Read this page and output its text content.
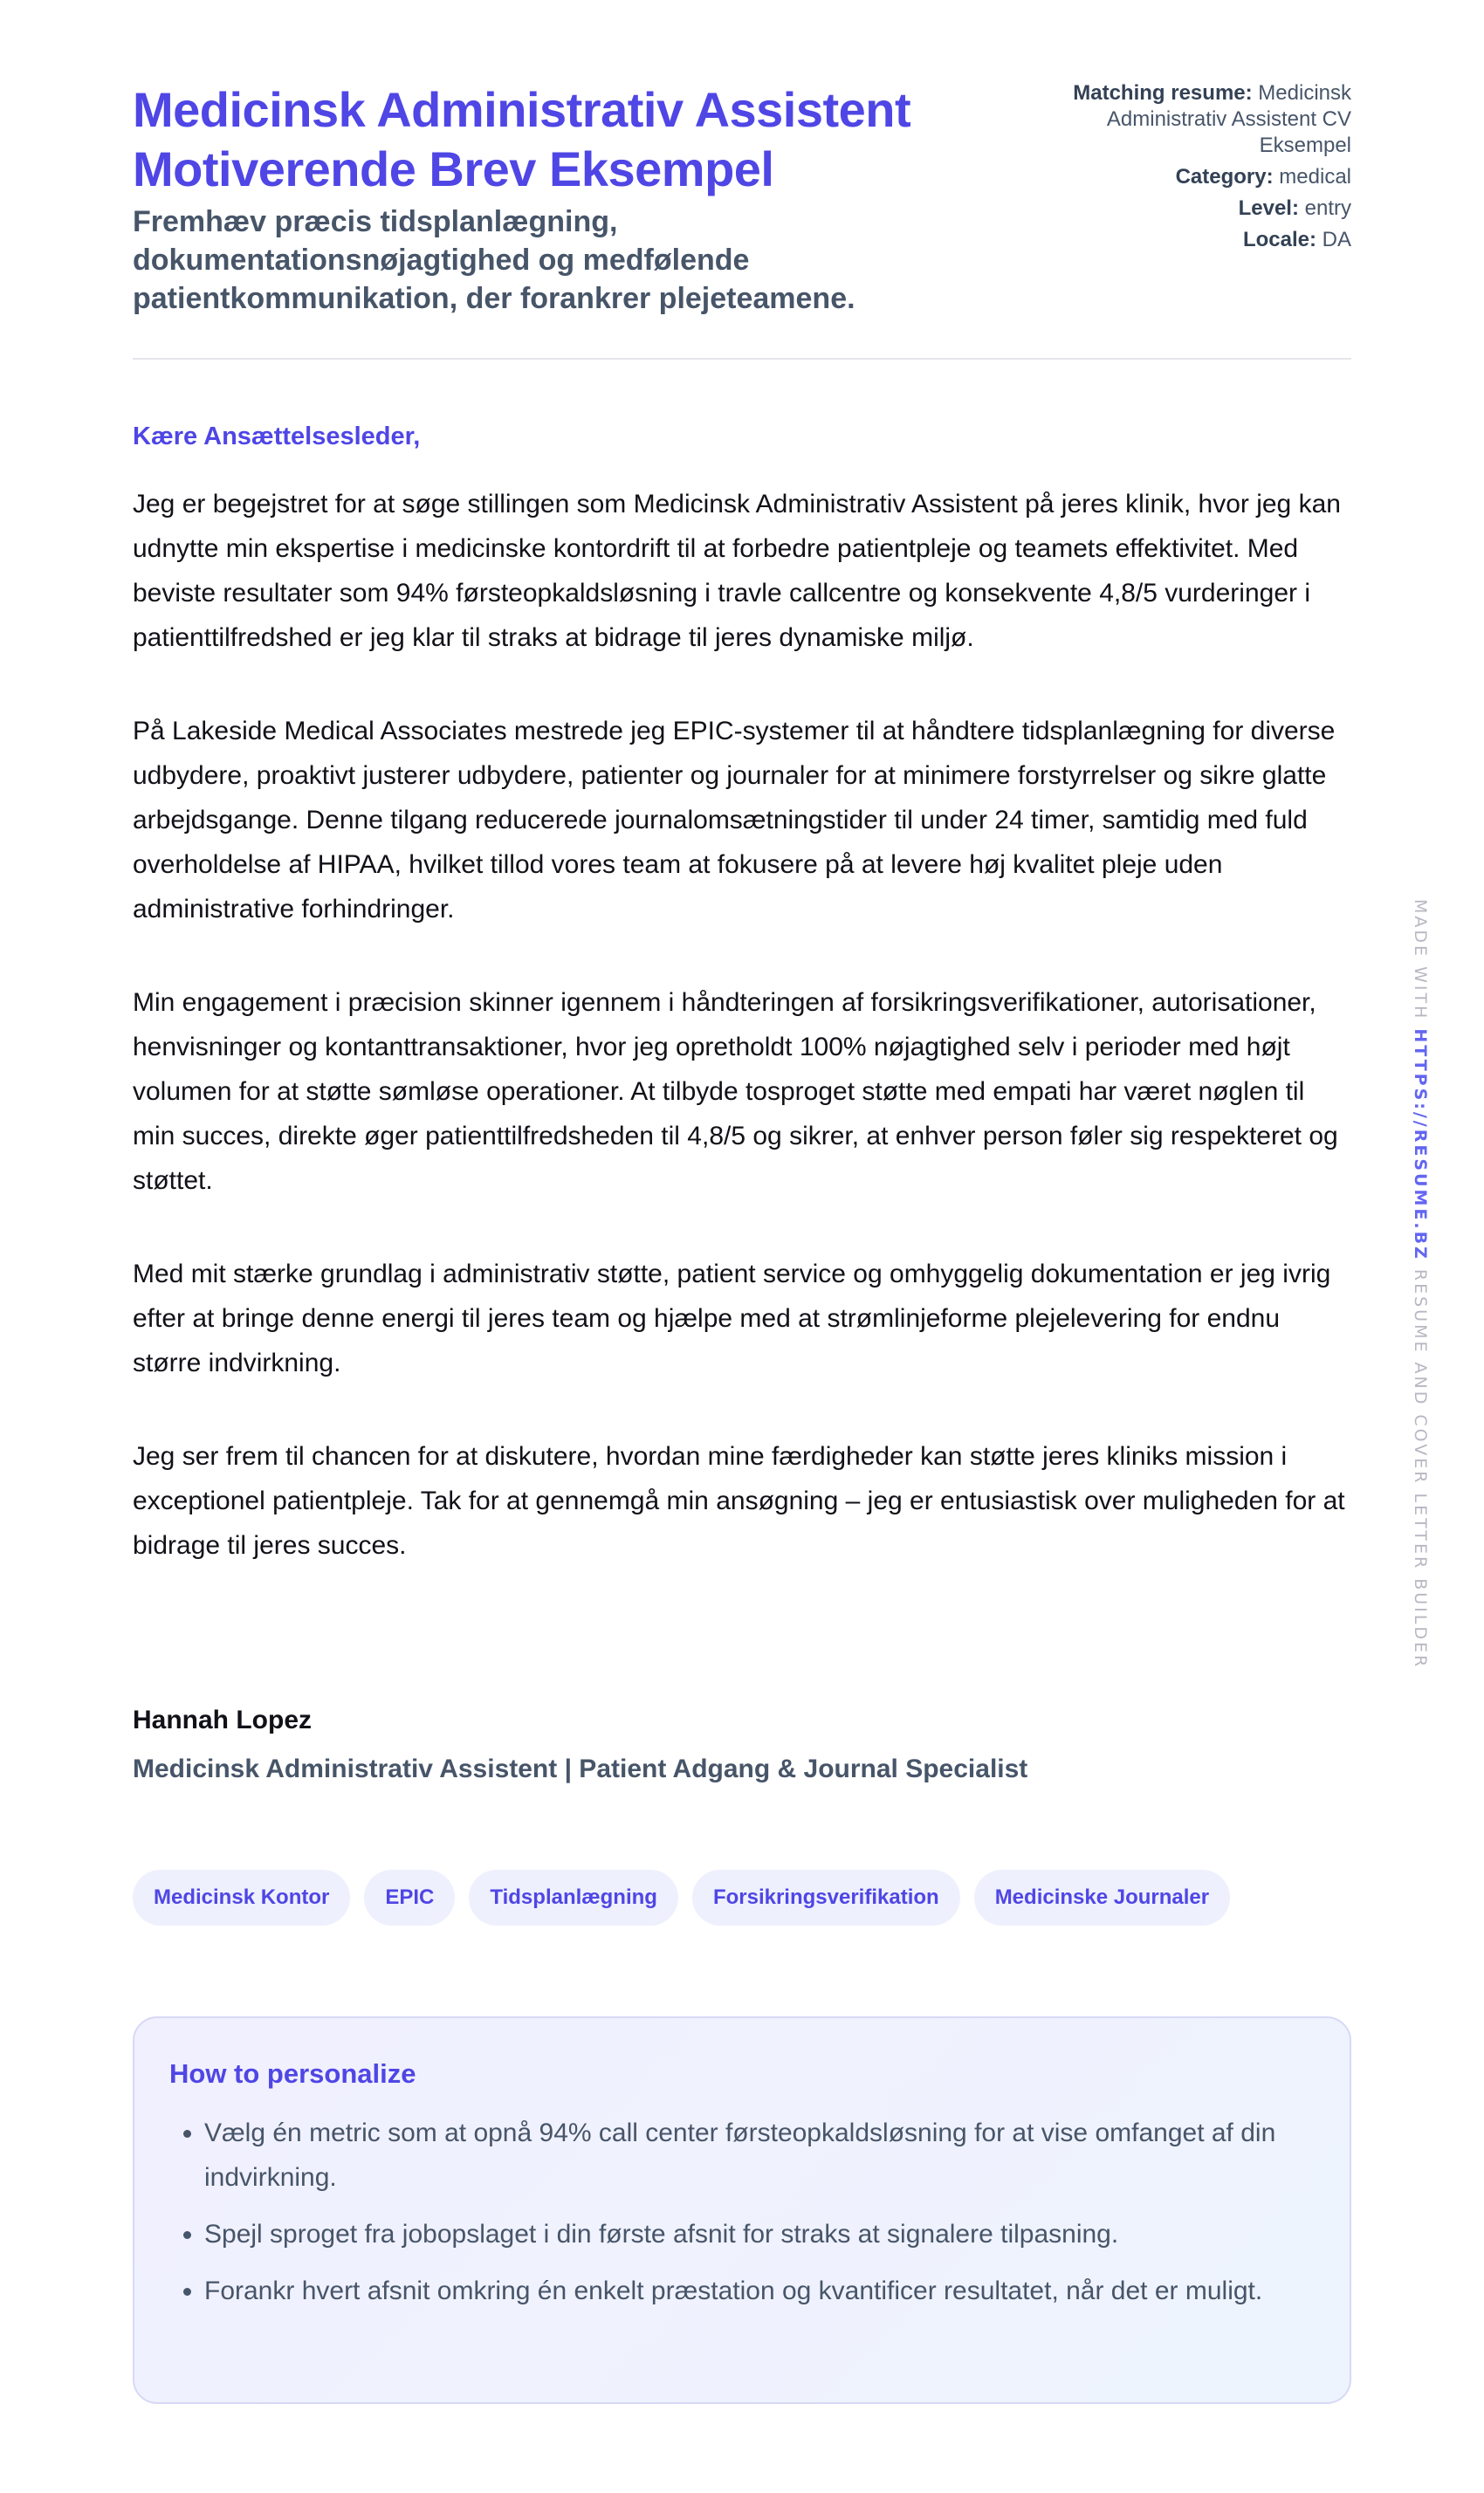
Medicinsk Administrativ Assistent Motiverende Brev Eksempel
Fremhæv præcis tidsplanlægning, dokumentationsnøjagtighed og medfølende patientkommunikation, der forankrer plejeteamene.
Matching resume: Medicinsk Administrativ Assistent CV Eksempel
Category: medical
Level: entry
Locale: DA

Kære Ansættelsesleder,

Jeg er begejstret for at søge stillingen som Medicinsk Administrativ Assistent på jeres klinik, hvor jeg kan udnytte min ekspertise i medicinske kontordrift til at forbedre patientpleje og teamets effektivitet. Med beviste resultater som 94% førsteopkaldsløsning i travle callcentre og konsekvente 4,8/5 vurderinger i patienttilfredshed er jeg klar til straks at bidrage til jeres dynamiske miljø.

På Lakeside Medical Associates mestrede jeg EPIC-systemer til at håndtere tidsplanlægning for diverse udbydere, proaktivt justerer udbydere, patienter og journaler for at minimere forstyrrelser og sikre glatte arbejdsgange. Denne tilgang reducerede journalomsætningstider til under 24 timer, samtidig med fuld overholdelse af HIPAA, hvilket tillod vores team at fokusere på at levere høj kvalitet pleje uden administrative forhindringer.

Min engagement i præcision skinner igennem i håndteringen af forsikringsverifikationer, autorisationer, henvisninger og kontanttransaktioner, hvor jeg opretholdt 100% nøjagtighed selv i perioder med højt volumen for at støtte sømløse operationer. At tilbyde tosproget støtte med empati har været nøglen til min succes, direkte øger patienttilfredsheden til 4,8/5 og sikrer, at enhver person føler sig respekteret og støttet.

Med mit stærke grundlag i administrativ støtte, patient service og omhyggelig dokumentation er jeg ivrig efter at bringe denne energi til jeres team og hjælpe med at strømlinjeforme plejelevering for endnu større indvirkning.

Jeg ser frem til chancen for at diskutere, hvordan mine færdigheder kan støtte jeres kliniks mission i exceptionel patientpleje. Tak for at gennemgå min ansøgning – jeg er entusiastisk over muligheden for at bidrage til jeres succes.

Hannah Lopez

Medicinsk Administrativ Assistent | Patient Adgang & Journal Specialist

Medicinsk Kontor	EPIC	Tidsplanlægning	Forsikringsverifikation	Medicinske Journaler
How to personalize
• Vælg én metric som at opnå 94% call center førsteopkaldsløsning for at vise omfanget af din indvirkning.
• Spejl sproget fra jobopslaget i din første afsnit for straks at signalere tilpasning.
• Forankr hvert afsnit omkring én enkelt præstation og kvantificer resultatet, når det er muligt.
MADE WITH HTTPS://RESUME.BZ RESUME AND COVER LETTER BUILDER
